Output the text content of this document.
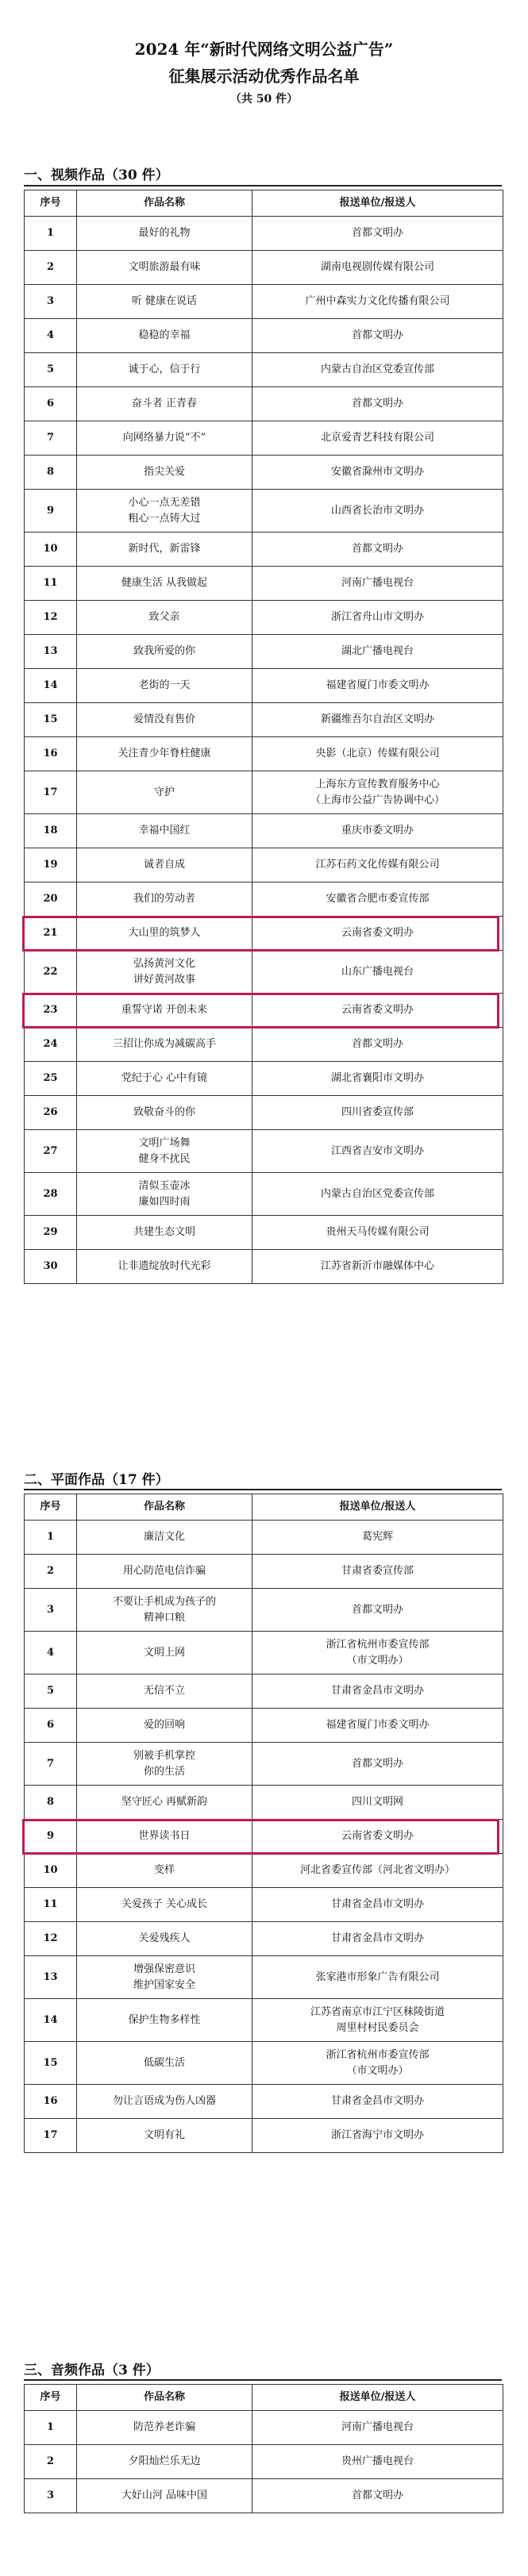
2024 年“新时代网络文明公益广告”
征集展示活动优秀作品名单
（共 50 件）
一、视频作品（30 件）
序号	作品名称	报送单位/报送人
1	最好的礼物	首都文明办
2	文明旅游最有味	湖南电视剧传媒有限公司
3	听 健康在说话	广州中森实力文化传播有限公司
4	稳稳的幸福	首都文明办
5	诚于心，信于行	内蒙古自治区党委宣传部
6	奋斗者 正青春	首都文明办
7	向网络暴力说“不”	北京爱青艺科技有限公司
8	指尖关爱	安徽省滁州市文明办
9	小心一点无差错
粗心一点铸大过	山西省长治市文明办
10	新时代，新雷锋	首都文明办
11	健康生活 从我做起	河南广播电视台
12	致父亲	浙江省舟山市文明办
13	致我所爱的你	湖北广播电视台
14	老街的一天	福建省厦门市委文明办
15	爱情没有售价	新疆维吾尔自治区文明办
16	关注青少年脊柱健康	央影（北京）传媒有限公司
17	守护	上海东方宣传教育服务中心
（上海市公益广告协调中心）
18	幸福中国红	重庆市委文明办
19	诚者自成	江苏石药文化传媒有限公司
20	我们的劳动者	安徽省合肥市委宣传部
21	大山里的筑梦人	云南省委文明办
22	弘扬黄河文化
讲好黄河故事	山东广播电视台
23	重誓守诺 开创未来	云南省委文明办
24	三招让你成为减碳高手	首都文明办
25	党纪于心 心中有镜	湖北省襄阳市文明办
26	致敬奋斗的你	四川省委宣传部
27	文明广场舞
健身不扰民	江西省吉安市文明办
28	清似玉壶冰
廉如四时雨	内蒙古自治区党委宣传部
29	共建生态文明	贵州天马传媒有限公司
30	让非遗绽放时代光彩	江苏省新沂市融媒体中心
二、平面作品（17 件）
序号	作品名称	报送单位/报送人
1	廉洁文化	葛宪辉
2	用心防范电信诈骗	甘肃省委宣传部
3	不要让手机成为孩子的
精神口粮	首都文明办
4	文明上网	浙江省杭州市委宣传部
（市文明办）
5	无信不立	甘肃省金昌市文明办
6	爱的回响	福建省厦门市委文明办
7	别被手机掌控
你的生活	首都文明办
8	坚守匠心 再赋新韵	四川文明网
9	世界读书日	云南省委文明办
10	变样	河北省委宣传部（河北省文明办）
11	关爱孩子 关心成长	甘肃省金昌市文明办
12	关爱残疾人	甘肃省金昌市文明办
13	增强保密意识
维护国家安全	张家港市形象广告有限公司
14	保护生物多样性	江苏省南京市江宁区秣陵街道
周里村村民委员会
15	低碳生活	浙江省杭州市委宣传部
（市文明办）
16	勿让言语成为伤人凶器	甘肃省金昌市文明办
17	文明有礼	浙江省海宁市文明办
三、音频作品（3 件）
序号	作品名称	报送单位/报送人
1	防范养老诈骗	河南广播电视台
2	夕阳灿烂乐无边	贵州广播电视台
3	大好山河 品味中国	首都文明办
